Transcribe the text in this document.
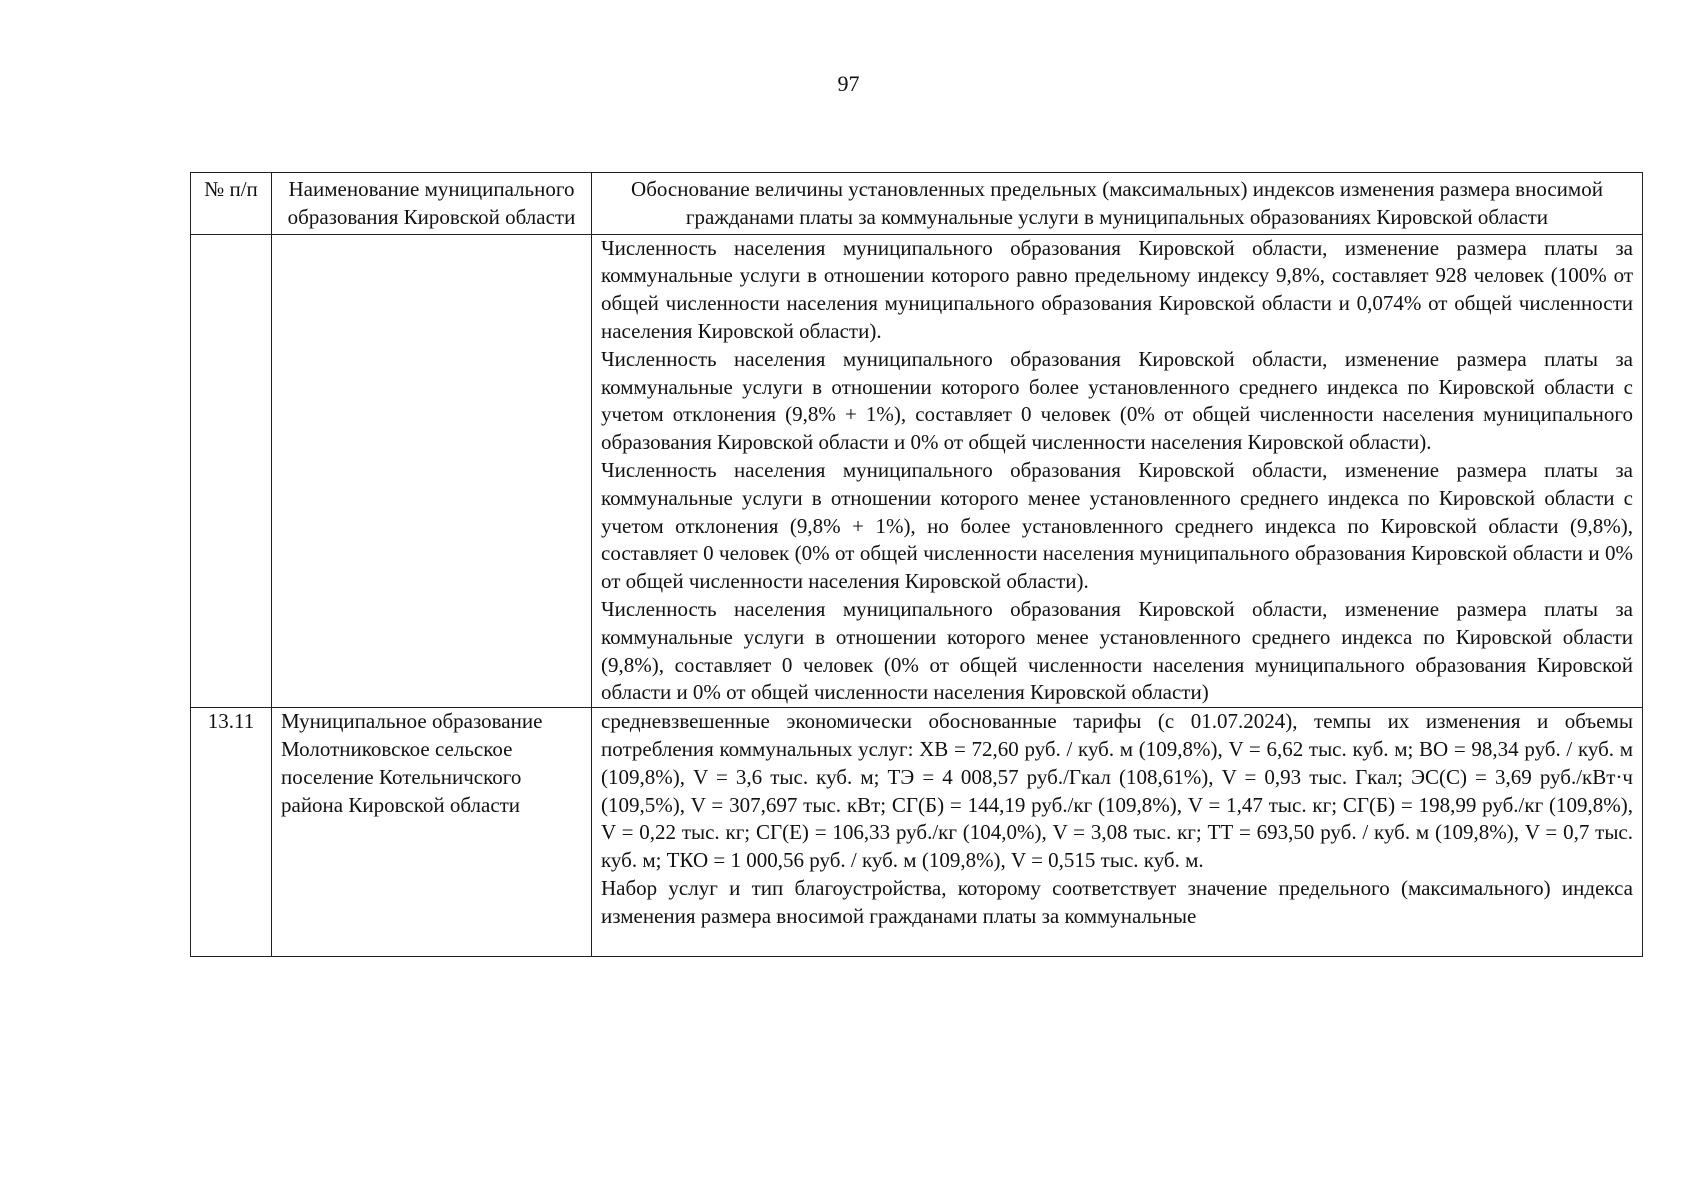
97
№ п/п	Наименование муниципального образования Кировской области	Обоснование величины установленных предельных (максимальных) индексов изменения размера вносимой гражданами платы за коммунальные услуги в муниципальных образованиях Кировской области

		Численность населения муниципального образования Кировской области, изменение размера платы за коммунальные услуги в отношении которого равно предельному индексу 9,8%, составляет 928 человек (100% от общей численности населения муниципального образования Кировской области и 0,074% от общей численности населения Кировской области).

Численность населения муниципального образования Кировской области, изменение размера платы за коммунальные услуги в отношении которого более установленного среднего индекса по Кировской области с учетом отклонения (9,8% + 1%), составляет 0 человек (0% от общей численности населения муниципального образования Кировской области и 0% от общей численности населения Кировской области).

Численность населения муниципального образования Кировской области, изменение размера платы за коммунальные услуги в отношении которого менее установленного среднего индекса по Кировской области с учетом отклонения (9,8% + 1%), но более установленного среднего индекса по Кировской области (9,8%), составляет 0 человек (0% от общей численности населения муниципального образования Кировской области и 0% от общей численности населения Кировской области).

Численность населения муниципального образования Кировской области, изменение размера платы за коммунальные услуги в отношении которого менее установленного среднего индекса по Кировской области (9,8%), составляет 0 человек (0% от общей численности населения муниципального образования Кировской области и 0% от общей численности населения Кировской области)

13.11	Муниципальное образование Молотниковское сельское поселение Котельничского района Кировской области	средневзвешенные экономически обоснованные тарифы (с 01.07.2024), темпы их изменения и объемы потребления коммунальных услуг: ХВ = 72,60 руб. / куб. м (109,8%), V = 6,62 тыс. куб. м; ВО = 98,34 руб. / куб. м (109,8%), V = 3,6 тыс. куб. м; ТЭ = 4 008,57 руб./Гкал (108,61%), V = 0,93 тыс. Гкал; ЭС(С) = 3,69 руб./кВт·ч (109,5%), V = 307,697 тыс. кВт; СГ(Б) = 144,19 руб./кг (109,8%), V = 1,47 тыс. кг; СГ(Б) = 198,99 руб./кг (109,8%), V = 0,22 тыс. кг; СГ(Е) = 106,33 руб./кг (104,0%), V = 3,08 тыс. кг; ТТ = 693,50 руб. / куб. м (109,8%), V = 0,7 тыс. куб. м; ТКО = 1 000,56 руб. / куб. м (109,8%), V = 0,515 тыс. куб. м.

Набор услуг и тип благоустройства, которому соответствует значение предельного (максимального) индекса изменения размера вносимой гражданами платы за коммунальные
